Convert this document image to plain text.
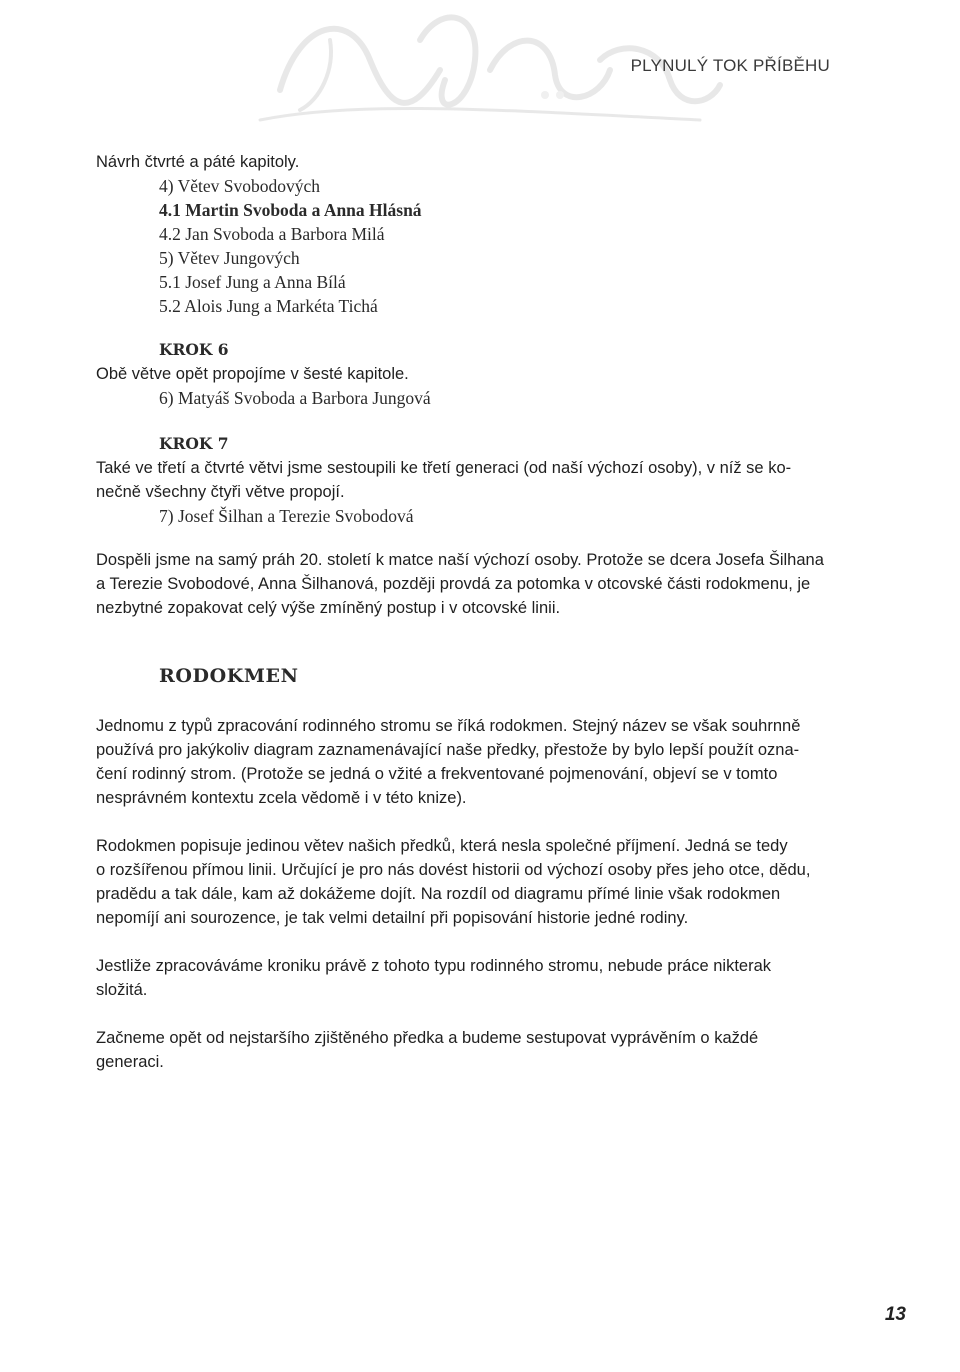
PLYNULÝ TOK PŘÍBĚHU

Návrh čtvrté a páté kapitoly.

4) Větev Svobodových

4.1 Martin Svoboda a Anna Hlásná

4.2 Jan Svoboda a Barbora Milá

5) Větev Jungových

5.1 Josef Jung a Anna Bílá

5.2 Alois Jung a Markéta Tichá

KROK 6

Obě větve opět propojíme v šesté kapitole.

6) Matyáš Svoboda a Barbora Jungová

KROK 7

Také ve třetí a čtvrté větvi jsme sestoupili ke třetí generaci (od naší výchozí osoby), v níž se ko-

nečně všechny čtyři větve propojí.

7) Josef Šilhan a Terezie Svobodová

Dospěli jsme na samý práh 20. století k matce naší výchozí osoby. Protože se dcera Josefa Šilhana

a Terezie Svobodové, Anna Šilhanová, později provdá za potomka v otcovské části rodokmenu, je

nezbytné zopakovat celý výše zmíněný postup i v otcovské linii.

RODOKMEN

Jednomu z typů zpracování rodinného stromu se říká rodokmen. Stejný název se však souhrnně

používá pro jakýkoliv diagram zaznamenávající naše předky, přestože by bylo lepší použít ozna-

čení rodinný strom. (Protože se jedná o vžité a frekventované pojmenování, objeví se v tomto

nesprávném kontextu zcela vědomě i v této knize).

Rodokmen popisuje jedinou větev našich předků, která nesla společné příjmení. Jedná se tedy

o rozšířenou přímou linii. Určující je pro nás dovést historii od výchozí osoby přes jeho otce, dědu,

pradědu a tak dále, kam až dokážeme dojít. Na rozdíl od diagramu přímé linie však rodokmen

nepomíjí ani sourozence, je tak velmi detailní při popisování historie jedné rodiny.

Jestliže zpracováváme kroniku právě z tohoto typu rodinného stromu, nebude práce nikterak

složitá.

Začneme opět od nejstaršího zjištěného předka a budeme sestupovat vyprávěním o každé

generaci.

13
